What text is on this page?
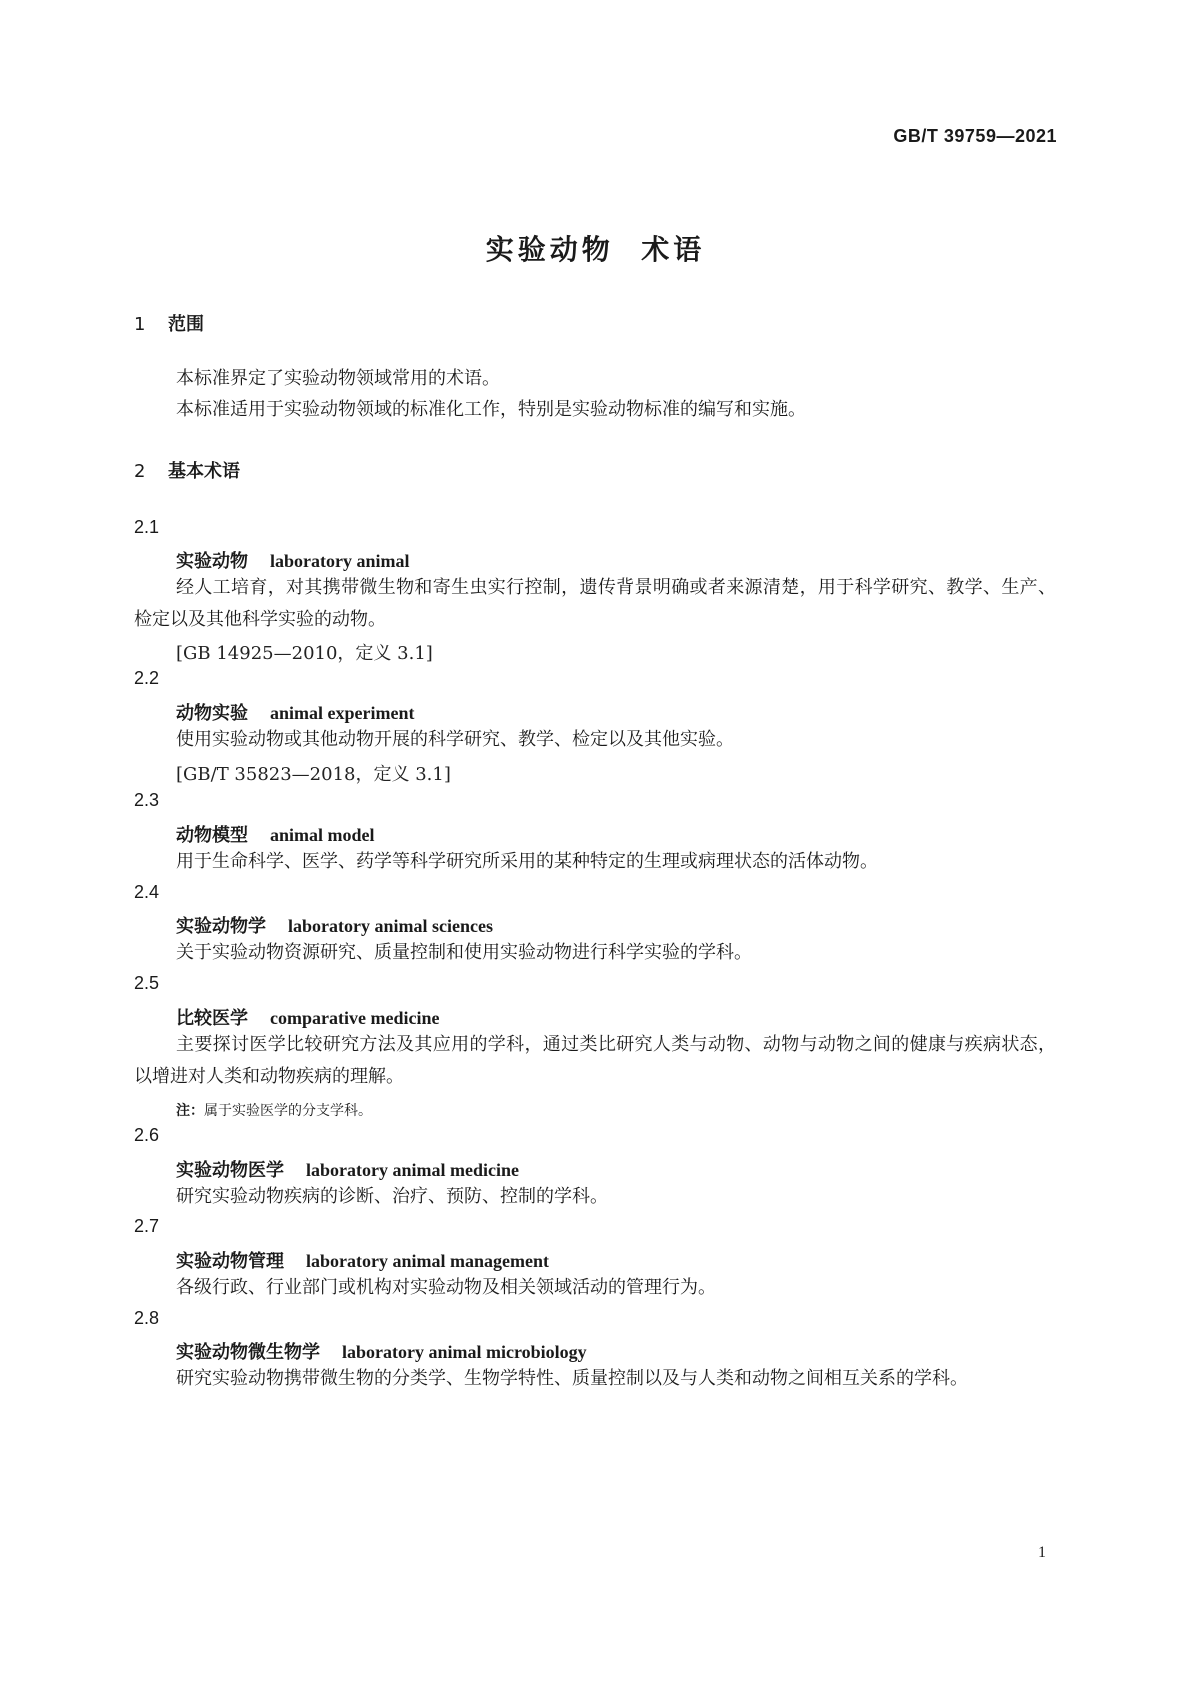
GB/T 39759—2021
实验动物  术语
1 范围
本标准界定了实验动物领域常用的术语。
本标准适用于实验动物领域的标准化工作，特别是实验动物标准的编写和实施。
2 基本术语
2.1
实验动物 laboratory animal
经人工培育，对其携带微生物和寄生虫实行控制，遗传背景明确或者来源清楚，用于科学研究、教学、生产、检定以及其他科学实验的动物。
[GB 14925—2010，定义 3.1]
2.2
动物实验 animal experiment
使用实验动物或其他动物开展的科学研究、教学、检定以及其他实验。
[GB/T 35823—2018，定义 3.1]
2.3
动物模型 animal model
用于生命科学、医学、药学等科学研究所采用的某种特定的生理或病理状态的活体动物。
2.4
实验动物学 laboratory animal sciences
关于实验动物资源研究、质量控制和使用实验动物进行科学实验的学科。
2.5
比较医学 comparative medicine
主要探讨医学比较研究方法及其应用的学科，通过类比研究人类与动物、动物与动物之间的健康与疾病状态，以增进对人类和动物疾病的理解。
注：属于实验医学的分支学科。
2.6
实验动物医学 laboratory animal medicine
研究实验动物疾病的诊断、治疗、预防、控制的学科。
2.7
实验动物管理 laboratory animal management
各级行政、行业部门或机构对实验动物及相关领域活动的管理行为。
2.8
实验动物微生物学 laboratory animal microbiology
研究实验动物携带微生物的分类学、生物学特性、质量控制以及与人类和动物之间相互关系的学科。
1
